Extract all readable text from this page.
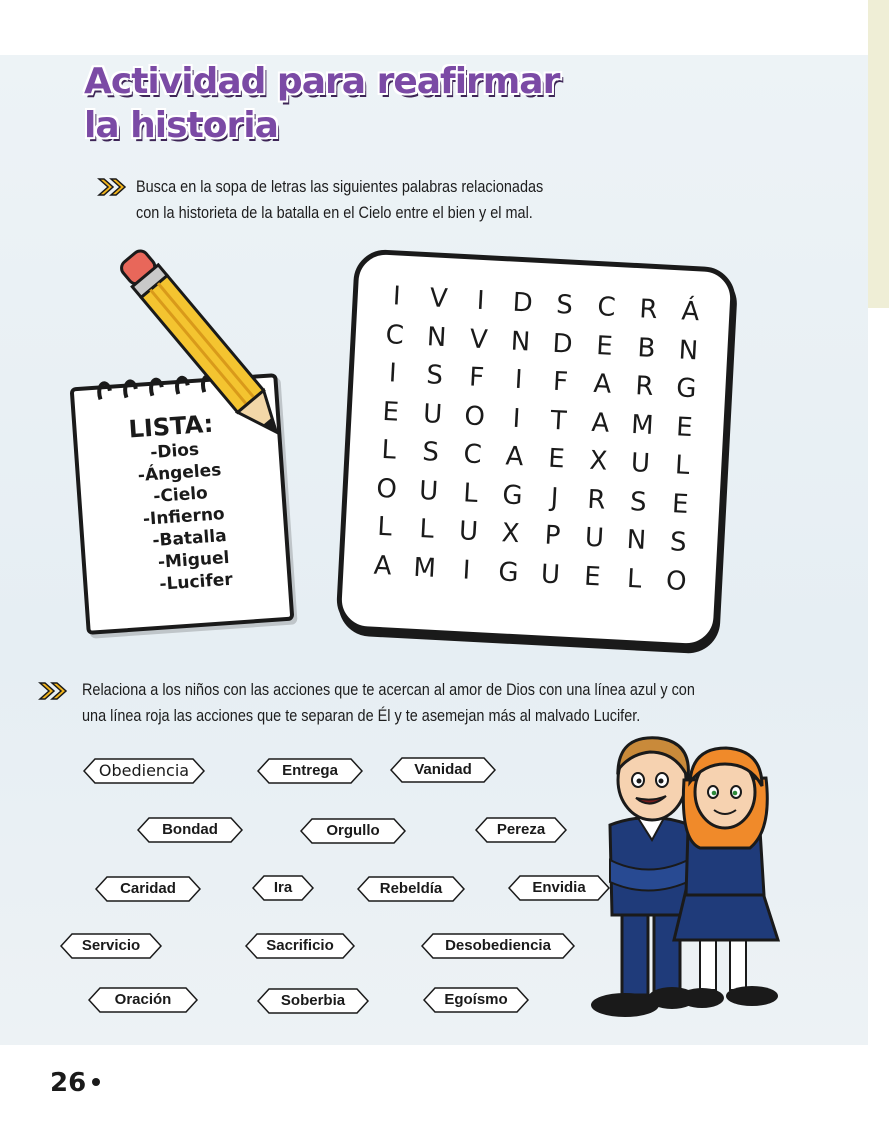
Actividad para reafirmar
la historia
Busca en la sopa de letras las siguientes palabras relacionadas
con la historieta de la batalla en el Cielo entre el bien y el mal.
LISTA:
-Dios
-Ángeles
-Cielo
-Infierno
-Batalla
-Miguel
-Lucifer
I	V	I	D S C R Á
C N V N D E B N
I	S F	I	F A R G
E U O	I	T A M E
L S C A E X U L
O U L G	J	R S E
L L U X P U N S
A M I	G U E L O
Relaciona a los niños con las acciones que te acercan al amor de Dios con una línea azul y con
una línea roja las acciones que te separan de Él y te asemejan más al malvado Lucifer.
Obediencia	Entrega	Vanidad
Bondad	Orgullo	Pereza
Caridad	Ira	Rebeldía	Envidia
Servicio	Sacrificio	Desobediencia
Oración	Soberbia	Egoísmo
26
